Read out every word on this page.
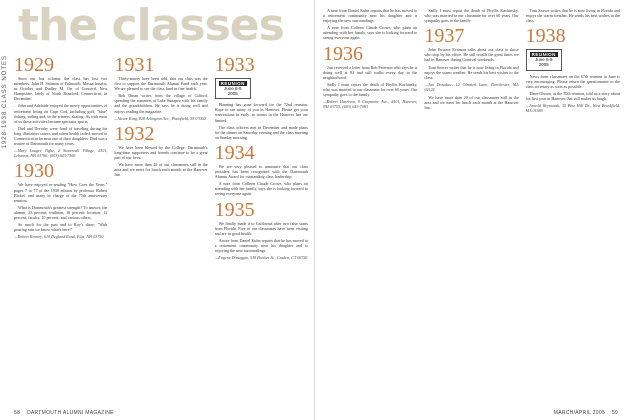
1928-1938 CLASS NOTES
the classes
1929

Since our last column, the class has lost two members: John H. Sattman of Falmouth, Massachusetts, in October and Dudley M. Orr of Concord, New Hampshire, lately of North Branford, Connecticut, in December.

John and Adelaide enjoyed the merry opportunities of retirement living on Cape Cod, including golf, "blue" fishing, sailing and, in the winters, skating. As with most of us these activities became spectator sports.

Dud and Dorothy were fond of traveling during his long illustrious career, and when health failed, moved to Connecticut to be near one of their daughters. Dud was a trustee of Dartmouth for many years.

—Mary Lougee Tighe, 2 Stonewall Village, #301, Lebanon, NH 03766; (603) 643-7369

1930

We have enjoyed re-reading "How Goes the Years," pages 7 to 77 of the 1930 edition by professor Robert Bickel, and many in charge of the 75th anniversary reunion.

What is Dartmouth's greatest strength? To answer, the alumni, 23 percent; tradition, 16 percent; location, 12 percent; faculty, 10 percent; and various others.

So much for the past and to Roy's diary: "With pouring rain we know what's here!"

—Robert Kenney, 610 Degland Road, Fitts, NH 03750

1931

Thirty-ninety have been told, that our class was the first to support the Dartmouth Alumni Fund each year. We are pleased to see the class fund in fine health.

Bob Dinan writes from the village of Gilford, spending the summers at Lake Sunapee with his family and the grandchildren. He says he is doing well and enjoys reading the magazine.

—Victor King, 828 Arlington Ave., Plainfield, NJ 07060

1932

We have been blessed by the College. Dartmouth's long-time supporters and friends continue to be a great part of our lives.

We have more than 20 of our classmates still in the area and we meet for lunch each month at the Hanover Inn.

1933
REUNION
June 6-9
2005

Planning has gone forward for the 72nd reunion. Hope to see many of you in Hanover. Please get your reservations in early, as rooms in the Hanover Inn are limited.

The class officers met in December and made plans for the dinner on Saturday evening and the class meeting on Sunday morning.

1934

We are very pleased to announce that our class president has been recognized with the Dartmouth Alumni Award for outstanding class leadership.

A note from Colleen Claude Crowe, who plans on attending with her family, says she is looking forward to seeing everyone again.

1935

We finally made it to California after two false starts from Florida. Five of our classmates have been visiting and are in good health.

A note from Daniel Kuhn reports that he has moved to a retirement community near his daughter and is enjoying the new surroundings.

—Eugene Dimaggio, 538 Hooker St., Goshen, CT 06756

58 DARTMOUTH ALUMNI MAGAZINE

A note from Daniel Kuhn reports that he has moved to a retirement community near his daughter and is enjoying the new surroundings.

A note from Colleen Claude Crowe, who plans on attending with her family, says she is looking forward to seeing everyone again.

1936

Just received a letter from Bob Peterson who says he is doing well at 92 and still walks every day in the neighborhood.

Sadly I must report the death of Phyllis Kachinsky, who was married to our classmate for over 60 years. Our sympathy goes to the family.

—Robert Harrison, 9 Carpenter Ave., #501, Hanover, NH 03755; (603) 643-7093

Sadly I must report the death of Phyllis Kachinsky, who was married to our classmate for over 60 years. Our sympathy goes to the family.

1937

John Eustace Evanson talks about our class to those who stop by his office. He still recalls the great times we had in Hanover during Carnival weekends.

Tom Seaver writes that he is now living in Florida and enjoys the warm weather. He sends his best wishes to the class.

—Jim Donahue, 12 Olmsted Lane, Dorchester, MA 02124

We have more than 20 of our classmates still in the area and we meet for lunch each month at the Hanover Inn.

Tom Seaver writes that he is now living in Florida and enjoys the warm weather. He sends his best wishes to the class.

1938
REUNION
June 6-9
2005

News from classmates on the 67th reunion in June is very encouraging. Please return the questionnaire to the class secretary as soon as possible.

Dave Olsson, at the 70th reunion, told us a story about his first year in Hanover that still makes us laugh.

—Arnold Weymouth, 35 Pine Hill Dr., West Brookfield, MA 01585

MARCH/APRIL 2005 59
